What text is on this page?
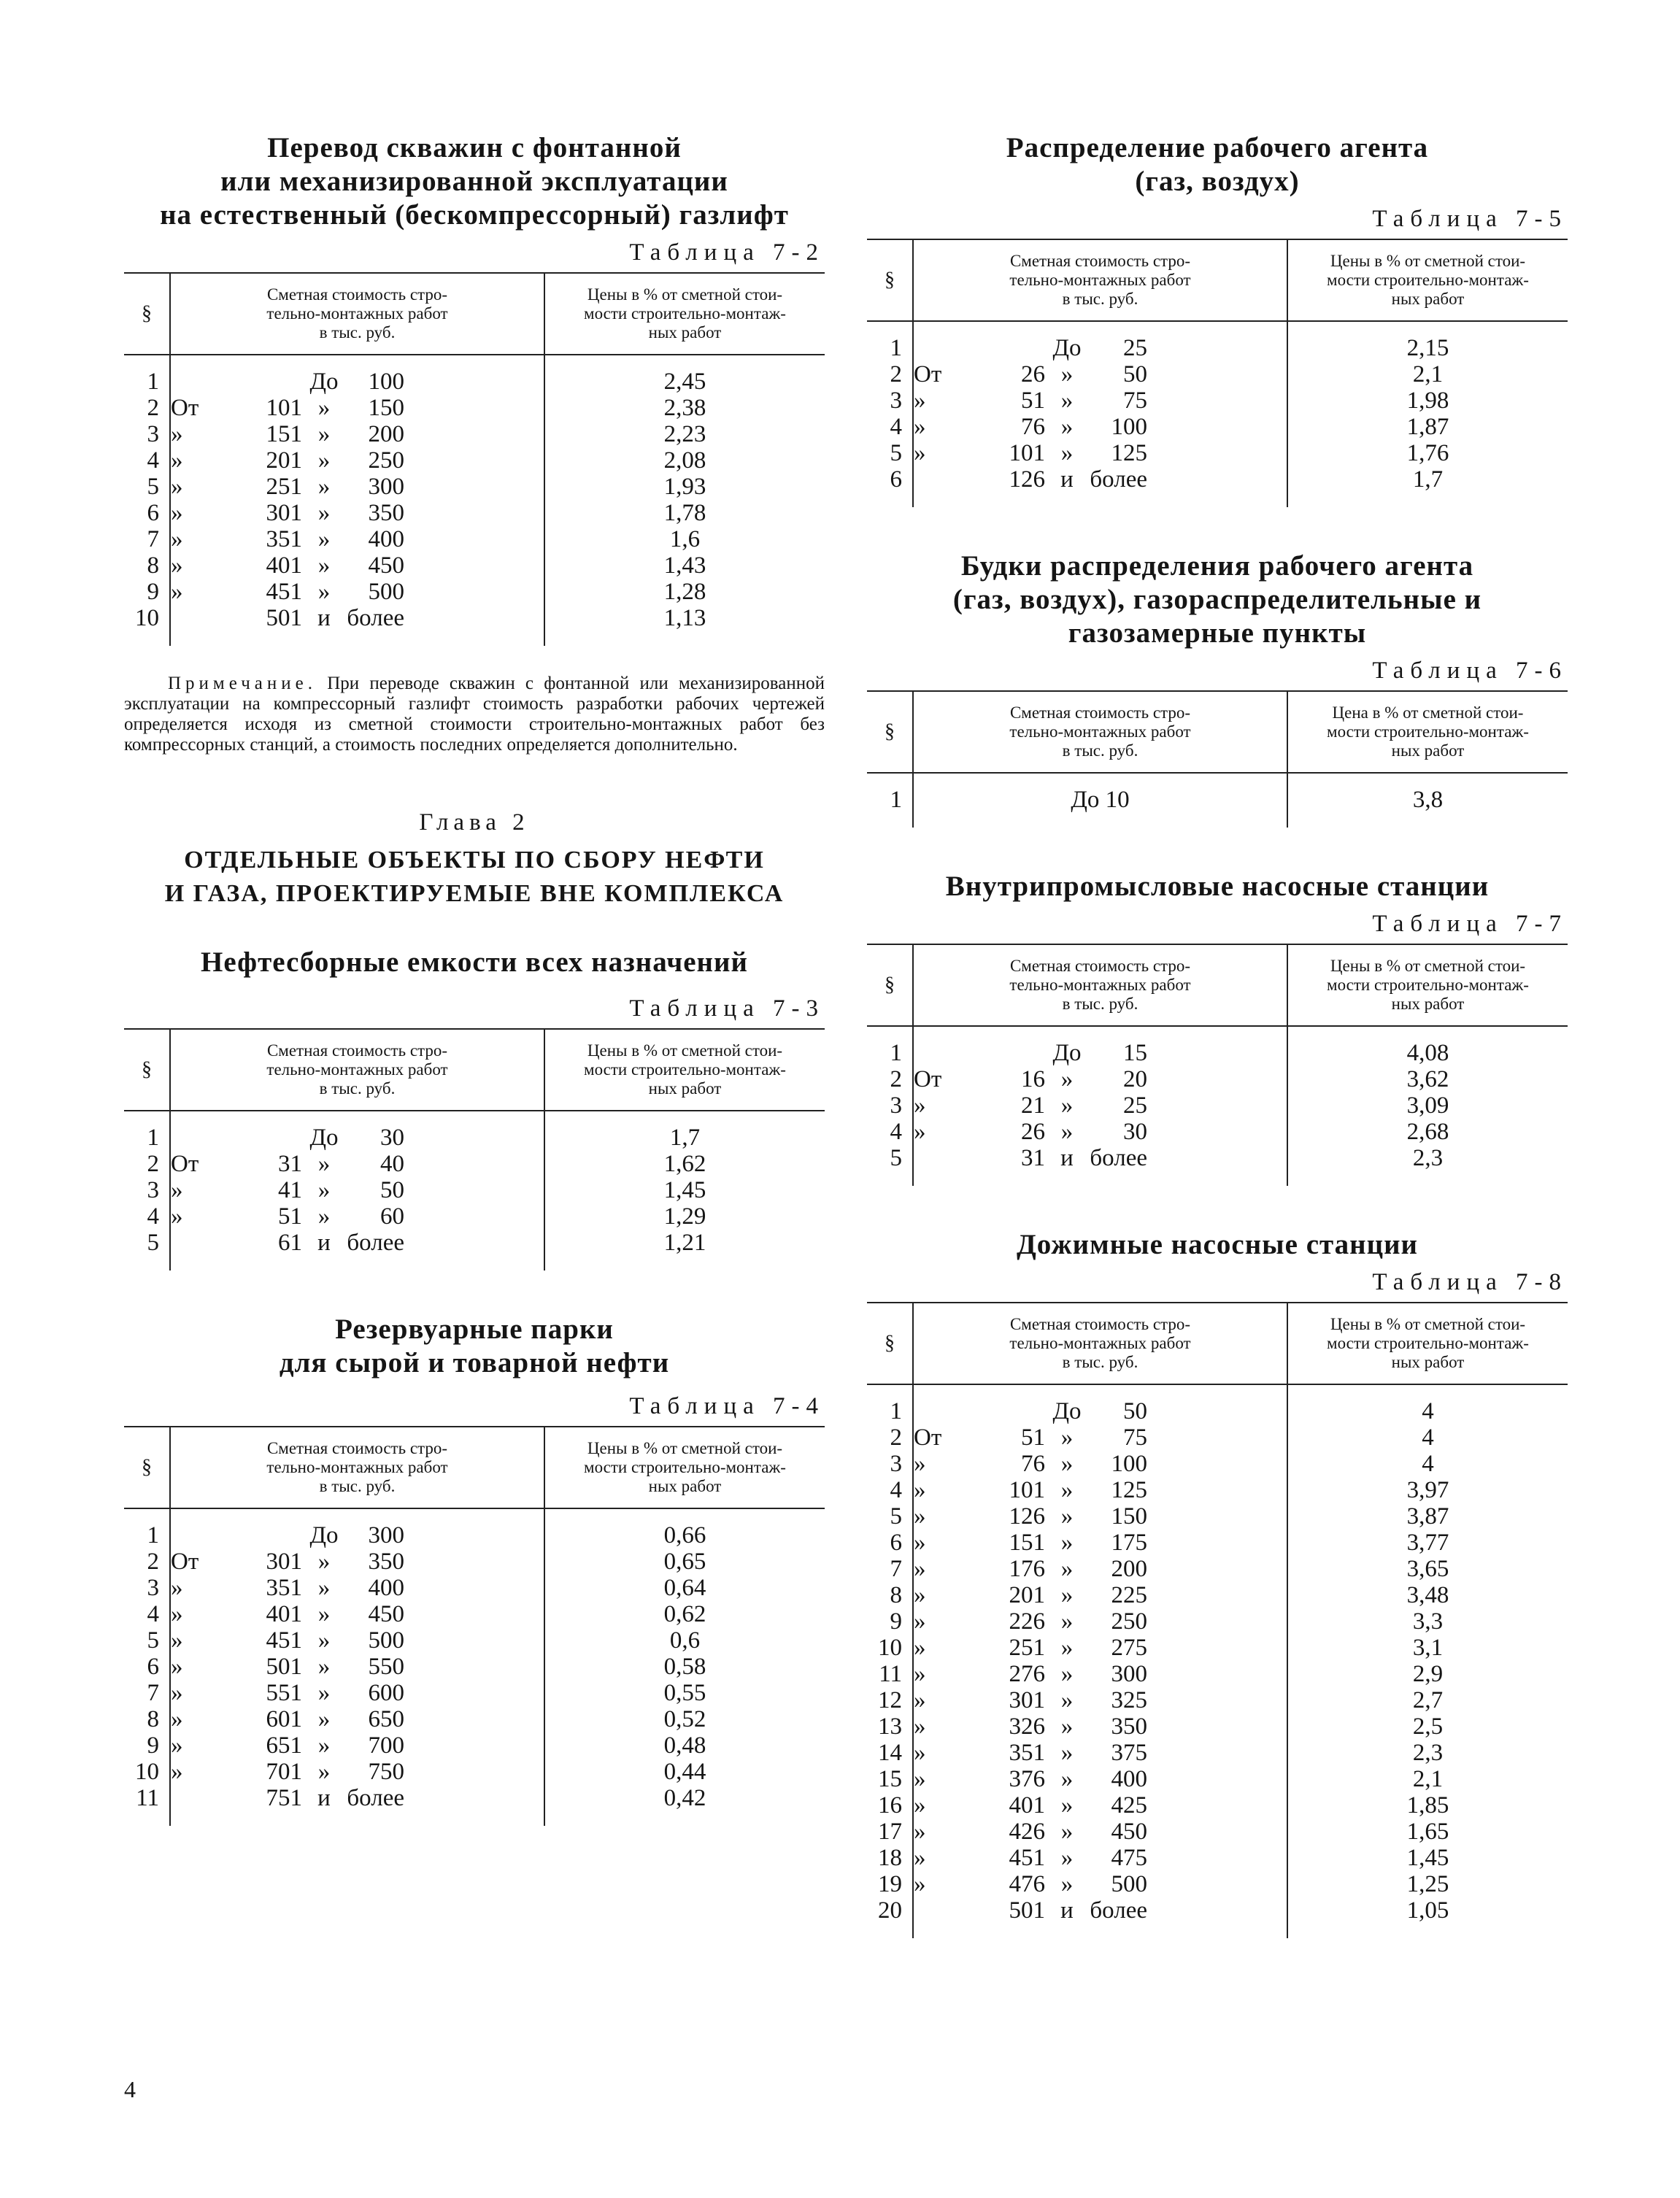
Перевод скважин с фонтанной
или механизированной эксплуатации
на естественный (бескомпрессорный) газлифт
Таблица 7-2
§	Сметная стоимость стро-
тельно-монтажных работ
в тыс. руб.	Цены в % от сметной стои-
мости строительно-монтаж-
ных работ
1	До 100	2,45
2	От 101 » 150	2,38
3	» 151 » 200	2,23
4	» 201 » 250	2,08
5	» 251 » 300	1,93
6	» 301 » 350	1,78
7	» 351 » 400	1,6
8	» 401 » 450	1,43
9	» 451 » 500	1,28
10	501 и более	1,13
Примечание. При переводе скважин с фонтанной или механизированной эксплуатации на компрессорный газлифт стоимость разработки рабочих чертежей определяется исходя из сметной стоимости строительно-монтажных работ без компрессорных станций, а стоимость последних определяется дополнительно.
Глава 2
ОТДЕЛЬНЫЕ ОБЪЕКТЫ ПО СБОРУ НЕФТИ
И ГАЗА, ПРОЕКТИРУЕМЫЕ ВНЕ КОМПЛЕКСА
Нефтесборные емкости всех назначений
Таблица 7-3
§	Сметная стоимость стро-
тельно-монтажных работ
в тыс. руб.	Цены в % от сметной стои-
мости строительно-монтаж-
ных работ
1	До 30	1,7
2	От 31 » 40	1,62
3	» 41 » 50	1,45
4	» 51 » 60	1,29
5	61 и более	1,21
Резервуарные парки
для сырой и товарной нефти
Таблица 7-4
§	Сметная стоимость стро-
тельно-монтажных работ
в тыс. руб.	Цены в % от сметной стои-
мости строительно-монтаж-
ных работ
1	До 300	0,66
2	От 301 » 350	0,65
3	» 351 » 400	0,64
4	» 401 » 450	0,62
5	» 451 » 500	0,6
6	» 501 » 550	0,58
7	» 551 » 600	0,55
8	» 601 » 650	0,52
9	» 651 » 700	0,48
10	» 701 » 750	0,44
11	751 и более	0,42
Распределение рабочего агента
(газ, воздух)
Таблица 7-5
§	Сметная стоимость стро-
тельно-монтажных работ
в тыс. руб.	Цены в % от сметной стои-
мости строительно-монтаж-
ных работ
1	До 25	2,15
2	От 26 » 50	2,1
3	» 51 » 75	1,98
4	» 76 » 100	1,87
5	» 101 » 125	1,76
6	126 и более	1,7
Будки распределения рабочего агента
(газ, воздух), газораспределительные и
газозамерные пункты
Таблица 7-6
§	Сметная стоимость стро-
тельно-монтажных работ
в тыс. руб.	Цена в % от сметной стои-
мости строительно-монтаж-
ных работ
1	До 10	3,8
Внутрипромысловые насосные станции
Таблица 7-7
§	Сметная стоимость стро-
тельно-монтажных работ
в тыс. руб.	Цены в % от сметной стои-
мости строительно-монтаж-
ных работ
1	До 15	4,08
2	От 16 » 20	3,62
3	» 21 » 25	3,09
4	» 26 » 30	2,68
5	31 и более	2,3
Дожимные насосные станции
Таблица 7-8
§	Сметная стоимость стро-
тельно-монтажных работ
в тыс. руб.	Цены в % от сметной стои-
мости строительно-монтаж-
ных работ
1	До 50	4
2	От 51 » 75	4
3	» 76 » 100	4
4	» 101 » 125	3,97
5	» 126 » 150	3,87
6	» 151 » 175	3,77
7	» 176 » 200	3,65
8	» 201 » 225	3,48
9	» 226 » 250	3,3
10	» 251 » 275	3,1
11	» 276 » 300	2,9
12	» 301 » 325	2,7
13	» 326 » 350	2,5
14	» 351 » 375	2,3
15	» 376 » 400	2,1
16	» 401 » 425	1,85
17	» 426 » 450	1,65
18	» 451 » 475	1,45
19	» 476 » 500	1,25
20	501 и более	1,05
4
